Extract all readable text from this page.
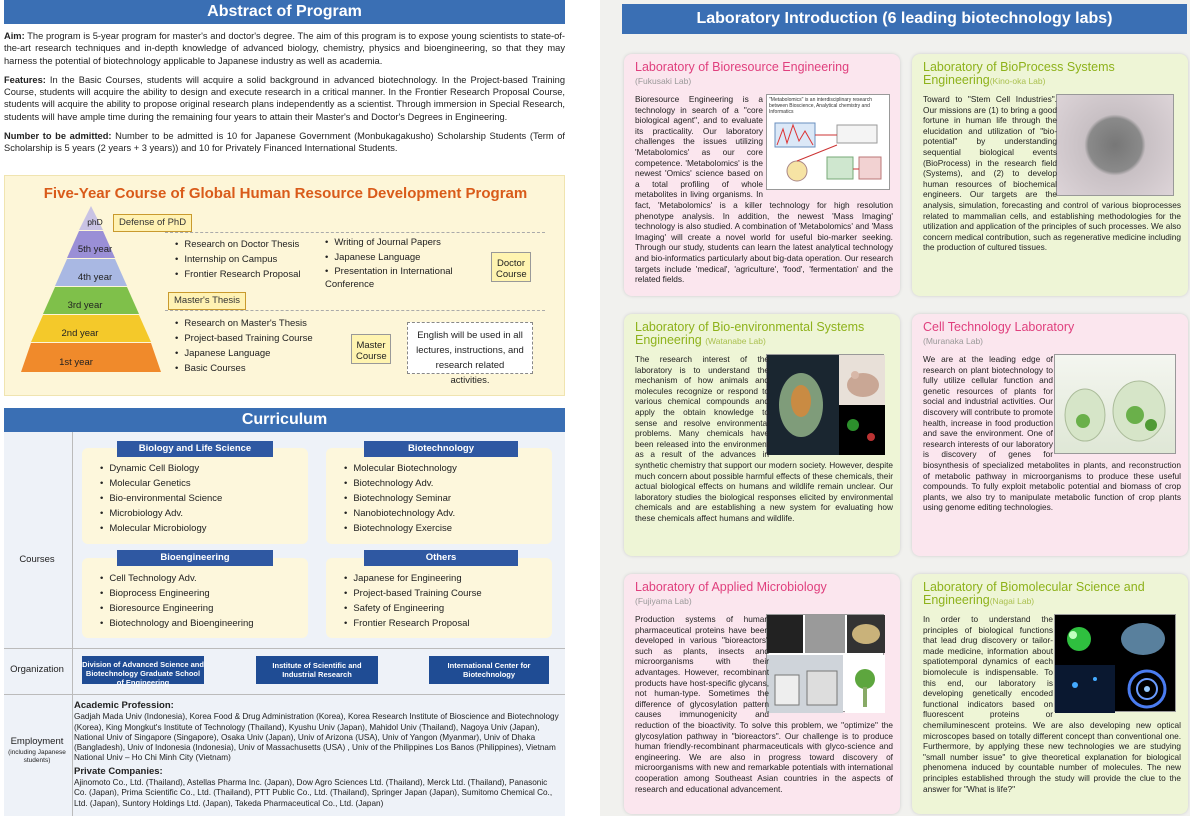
Abstract of Program

Aim: The program is 5-year program for master's and doctor's degree. The aim of this program is to expose young scientists to state-of-the-art research techniques and in-depth knowledge of advanced biology, chemistry, physics and bioengineering, so that they may harness the potential of biotechnology applicable to Japanese industry as well as academia.

Features: In the Basic Courses, students will acquire a solid background in advanced biotechnology. In the Project-based Training Course, students will acquire the ability to design and execute research in a critical manner. In the Frontier Research Proposal Course, students will acquire the ability to propose original research plans independently as a scientist. Through immersion in Special Research, students will have ample time during the remaining four years to attain their Master's and Doctor's Degrees in Engineering.

Number to be admitted: Number to be admitted is 10 for Japanese Government (Monbukagakusho) Scholarship Students (Term of Scholarship is 5 years (2 years + 3 years)) and 10 for Privately Financed International Students.

Five-Year Course of Global Human Resource Development Program
phD
5th year
4th year
3rd year
2nd year
1st year
Defense of PhD
Master's Thesis
• Research on Doctor Thesis
• Internship on Campus
• Frontier Research Proposal
• Writing of Journal Papers
• Japanese Language
• Presentation in International Conference
Doctor Course
• Research on Master's Thesis
• Project-based Training Course
• Japanese Language
• Basic Courses
Master Course
English will be used in all lectures, instructions, and research related activities.
Curriculum
Courses
Biology and Life Science
• Dynamic Cell Biology
• Molecular Genetics
• Bio-environmental Science
• Microbiology Adv.
• Molecular Microbiology
Biotechnology
• Molecular Biotechnology
• Biotechnology Adv.
• Biotechnology Seminar
• Nanobiotechnology Adv.
• Biotechnology Exercise
Bioengineering
• Cell Technology Adv.
• Bioprocess Engineering
• Bioresource Engineering
• Biotechnology and Bioengineering
Others
• Japanese for Engineering
• Project-based Training Course
• Safety of Engineering
• Frontier Research Proposal
Organization	Division of Advanced Science and Biotechnology Graduate School of Engineering
Institute of Scientific and Industrial Research
International Center for Biotechnology
Employment
(including Japanese students)
Academic Profession:

Gadjah Mada Univ (Indonesia), Korea Food & Drug Administration (Korea), Korea Research Institute of Bioscience and Biotechnology (Korea), King Mongkut's Institute of Technology (Thailand), Kyushu Univ (Japan), Mahidol Univ (Thailand), Nagoya Univ (Japan), National Univ of Singapore (Singapore), Osaka Univ (Japan), Univ of Arizona (USA), Univ of Yangon (Myanmar), Univ of Dhaka (Bangladesh), Univ of Indonesia (Indonesia), Univ of Massachusetts (USA) , Univ of the Philippines Los Banos (Philippines), Vietnam National Univ – Ho Chi Minh City (Vietnam)

Private Companies:

Ajinomoto Co., Ltd. (Thailand), Astellas Pharma Inc. (Japan), Dow Agro Sciences Ltd. (Thailand), Merck Ltd. (Thailand), Panasonic Co. (Japan), Prima Scientific Co., Ltd. (Thailand), PTT Public Co., Ltd. (Thailand), Springer Japan (Japan), Sumitomo Chemical Co., Ltd. (Japan), Suntory Holdings Ltd. (Japan), Takeda Pharmaceutical Co., Ltd. (Japan)

Laboratory Introduction (6 leading biotechnology labs)
Laboratory of Bioresource Engineering
(Fukusaki Lab)
"Metabolomics" is an interdisciplinary research between Bioscience, Analytical chemistry and Informatics
Bioresource Engineering is a technology in search of a "core biological agent", and to evaluate its practicality. Our laboratory challenges the issues utilizing 'Metabolomics' as our core competence. 'Metabolomics' is the newest 'Omics' science based on a total profiling of whole metabolites in living organisms. In fact, 'Metabolomics' is a killer technology for high resolution phenotype analysis. In addition, the newest 'Mass Imaging' technology is also studied. A combination of 'Metabolomics' and 'Mass Imaging' will create a novel world for useful bio-marker seeking. Through our study, students can learn the latest analytical technology and bio-informatics particularly about big-data operation. Our research targets include 'medical', 'agriculture', 'food', 'fermentation' and the related fields.
Laboratory of BioProcess Systems Engineering(Kino-oka Lab)
Toward to "Stem Cell Industries". Our missions are (1) to bring a good fortune in human life through the elucidation and utilization of "bio-potential" by understanding sequential biological events (BioProcess) in the research field (Systems), and (2) to develop human resources of biochemical engineers. Our targets are the analysis, simulation, forecasting and control of various bioprocesses related to mammalian cells, and establishing methodologies for the utilization and application of the principles of such processes. We also concern medical contribution, such as regenerative medicine including the production of cultured tissues.
Laboratory of Bio-environmental Systems Engineering (Watanabe Lab)
The research interest of the laboratory is to understand the mechanism of how animals and molecules recognize or respond to various chemical compounds and apply the obtain knowledge to sense and resolve environmental problems. Many chemicals have been released into the environment as a result of the advances in synthetic chemistry that support our modern society. However, despite much concern about possible harmful effects of these chemicals, their actual biological effects on humans and wildlife remain unclear. Our laboratory studies the biological responses elicited by environmental chemicals and are establishing a new system for evaluating how these chemicals affect humans and wildlife.
Cell Technology Laboratory
(Muranaka Lab)
We are at the leading edge of research on plant biotechnology to fully utilize cellular function and genetic resources of plants for social and industrial activities. Our discovery will contribute to promote health, increase in food production and save the environment. One of research interests of our laboratory is discovery of genes for biosynthesis of specialized metabolites in plants, and reconstruction of metabolic pathway in microorganisms to produce these useful compounds. To fully exploit metabolic potential and biomass of crop plants, we also try to manipulate metabolic function of crop plants using genome editing technologies.
Laboratory of Applied Microbiology
(Fujiyama Lab)
Production systems of human pharmaceutical proteins have been developed in various "bioreactors" such as plants, insects and microorganisms with their advantages. However, recombinant products have host-specific glycans, not human-type. Sometimes the difference of glycosylation pattern causes immunogenicity and reduction of the bioactivity. To solve this problem, we "optimize" the glycosylation pathway in "bioreactors". Our challenge is to produce human friendly-recombinant pharmaceuticals with glyco-science and engineering. We are also in progress toward discovery of microorganisms with new and remarkable potentials with international cooperation among Southeast Asian countries in the aspects of research and educational advancement.
Laboratory of Biomolecular Science and Engineering(Nagai Lab)
In order to understand the principles of biological functions that lead drug discovery or tailor-made medicine, information about spatiotemporal dynamics of each biomolecule is indispensable. To this end, our laboratory is developing genetically encoded functional indicators based on fluorescent proteins or chemiluminescent proteins. We are also developing new optical microscopes based on totally different concept than conventional one. Furthermore, by applying these new technologies we are studying "small number issue" to give theoretical explanation for biological phenomena induced by countable number of molecules. The new principles established through the study will provide the clue to the answer for "What is life?"
